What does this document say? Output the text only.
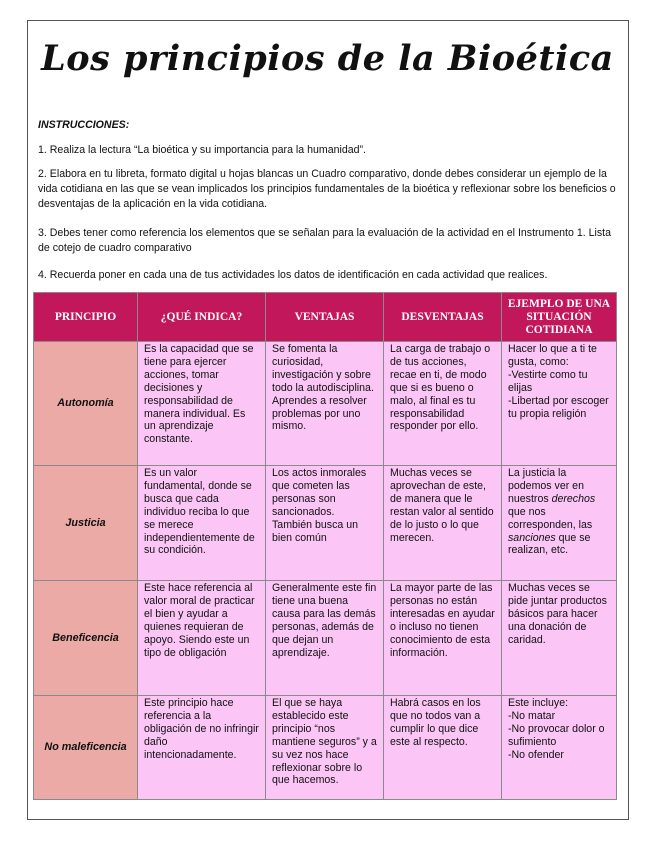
Los principios de la Bioética
INSTRUCCIONES:
1. Realiza la lectura “La bioética y su importancia para la humanidad”.
2. Elabora en tu libreta, formato digital u hojas blancas un Cuadro comparativo, donde debes considerar un ejemplo de la vida cotidiana en las que se vean implicados los principios fundamentales de la bioética y reflexionar sobre los beneficios o desventajas de la aplicación en la vida cotidiana.
3. Debes tener como referencia los elementos que se señalan para la evaluación de la actividad en el Instrumento 1. Lista de cotejo de cuadro comparativo
4. Recuerda poner en cada una de tus actividades los datos de identificación en cada actividad que realices.
PRINCIPIO	¿QUÉ INDICA?	VENTAJAS	DESVENTAJAS	EJEMPLO DE UNA SITUACIÓN COTIDIANA
Autonomía	Es la capacidad que se tiene para ejercer acciones, tomar decisiones y responsabilidad de manera individual. Es un aprendizaje constante.	Se fomenta la curiosidad, investigación y sobre todo la autodisciplina. Aprendes a resolver problemas por uno mismo.	La carga de trabajo o de tus acciones, recae en ti, de modo que si es bueno o malo, al final es tu responsabilidad responder por ello.	Hacer lo que a ti te gusta, como:
-Vestirte como tu elijas
-Libertad por escoger tu propia religión

Justicia	Es un valor fundamental, donde se busca que cada individuo reciba lo que se merece independientemente de su condición.	Los actos inmorales que cometen las personas son sancionados. También busca un bien común	Muchas veces se aprovechan de este, de manera que le restan valor al sentido de lo justo o lo que merecen.	La justicia la podemos ver en nuestros derechos que nos corresponden, las sanciones que se realizan, etc.
Beneficencia	Este hace referencia al valor moral de practicar el bien y ayudar a quienes requieran de apoyo. Siendo este un tipo de obligación	Generalmente este fin tiene una buena causa para las demás personas, además de que dejan un aprendizaje.	La mayor parte de las personas no están interesadas en ayudar o incluso no tienen conocimiento de esta información.	Muchas veces se pide juntar productos básicos para hacer una donación de caridad.
No maleficencia	Este principio hace referencia a la obligación de no infringir daño intencionadamente.	El que se haya establecido este principio “nos mantiene seguros” y a su vez nos hace reflexionar sobre lo que hacemos.	Habrá casos en los que no todos van a cumplir lo que dice este al respecto.	Este incluye:
-No matar
-No provocar dolor o sufimiento
-No ofender
